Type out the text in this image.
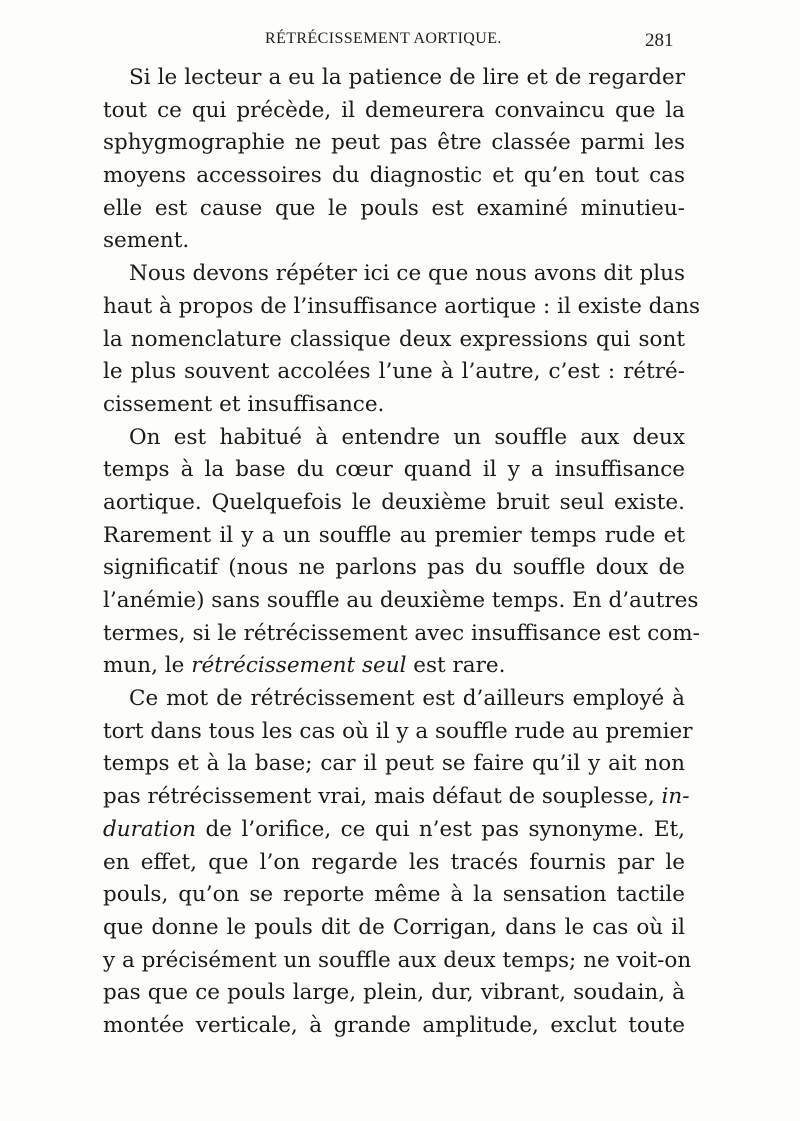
RÉTRÉCISSEMENT AORTIQUE.	281
Si le lecteur a eu la patience de lire et de regarder
tout ce qui précède, il demeurera convaincu que la
sphygmographie ne peut pas être classée parmi les
moyens accessoires du diagnostic et qu’en tout cas
elle est cause que le pouls est examiné minutieu-
sement.
Nous devons répéter ici ce que nous avons dit plus
haut à propos de l’insuffisance aortique : il existe dans
la nomenclature classique deux expressions qui sont
le plus souvent accolées l’une à l’autre, c’est : rétré-
cissement et insuffisance.
On est habitué à entendre un souffle aux deux
temps à la base du cœur quand il y a insuffisance
aortique. Quelquefois le deuxième bruit seul existe.
Rarement il y a un souffle au premier temps rude et
significatif (nous ne parlons pas du souffle doux de
l’anémie) sans souffle au deuxième temps. En d’autres
termes, si le rétrécissement avec insuffisance est com-
mun, le rétrécissement seul est rare.
Ce mot de rétrécissement est d’ailleurs employé à
tort dans tous les cas où il y a souffle rude au premier
temps et à la base; car il peut se faire qu’il y ait non
pas rétrécissement vrai, mais défaut de souplesse, in-
duration de l’orifice, ce qui n’est pas synonyme. Et,
en effet, que l’on regarde les tracés fournis par le
pouls, qu’on se reporte même à la sensation tactile
que donne le pouls dit de Corrigan, dans le cas où il
y a précisément un souffle aux deux temps; ne voit-on
pas que ce pouls large, plein, dur, vibrant, soudain, à
montée verticale, à grande amplitude, exclut toute
